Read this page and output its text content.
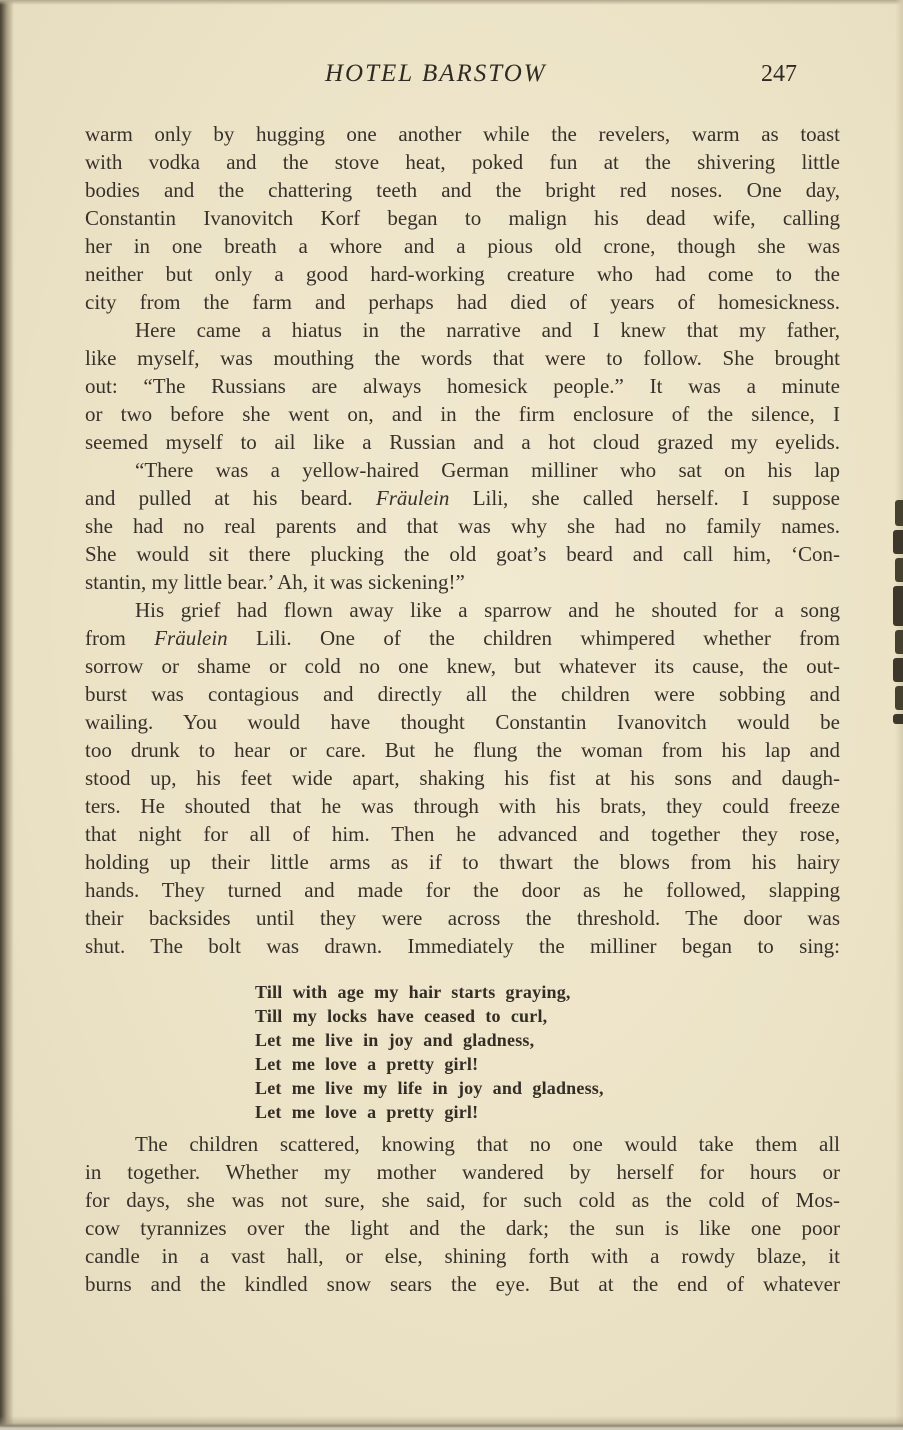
HOTEL BARSTOW	247
warm only by hugging one another while the revelers, warm as toast
with vodka and the stove heat, poked fun at the shivering little
bodies and the chattering teeth and the bright red noses. One day,
Constantin Ivanovitch Korf began to malign his dead wife, calling
her in one breath a whore and a pious old crone, though she was
neither but only a good hard-working creature who had come to the
city from the farm and perhaps had died of years of homesickness.
Here came a hiatus in the narrative and I knew that my father,
like myself, was mouthing the words that were to follow. She brought
out: “The Russians are always homesick people.” It was a minute
or two before she went on, and in the firm enclosure of the silence, I
seemed myself to ail like a Russian and a hot cloud grazed my eyelids.
“There was a yellow-haired German milliner who sat on his lap
and pulled at his beard. Fräulein Lili, she called herself. I suppose
she had no real parents and that was why she had no family names.
She would sit there plucking the old goat’s beard and call him, ‘Con-
stantin, my little bear.’ Ah, it was sickening!”
His grief had flown away like a sparrow and he shouted for a song
from Fräulein Lili. One of the children whimpered whether from
sorrow or shame or cold no one knew, but whatever its cause, the out-
burst was contagious and directly all the children were sobbing and
wailing. You would have thought Constantin Ivanovitch would be
too drunk to hear or care. But he flung the woman from his lap and
stood up, his feet wide apart, shaking his fist at his sons and daugh-
ters. He shouted that he was through with his brats, they could freeze
that night for all of him. Then he advanced and together they rose,
holding up their little arms as if to thwart the blows from his hairy
hands. They turned and made for the door as he followed, slapping
their backsides until they were across the threshold. The door was
shut. The bolt was drawn. Immediately the milliner began to sing:
Till with age my hair starts graying,
Till my locks have ceased to curl,
Let me live in joy and gladness,
Let me love a pretty girl!
Let me live my life in joy and gladness,
Let me love a pretty girl!
The children scattered, knowing that no one would take them all
in together. Whether my mother wandered by herself for hours or
for days, she was not sure, she said, for such cold as the cold of Mos-
cow tyrannizes over the light and the dark; the sun is like one poor
candle in a vast hall, or else, shining forth with a rowdy blaze, it
burns and the kindled snow sears the eye. But at the end of whatever
